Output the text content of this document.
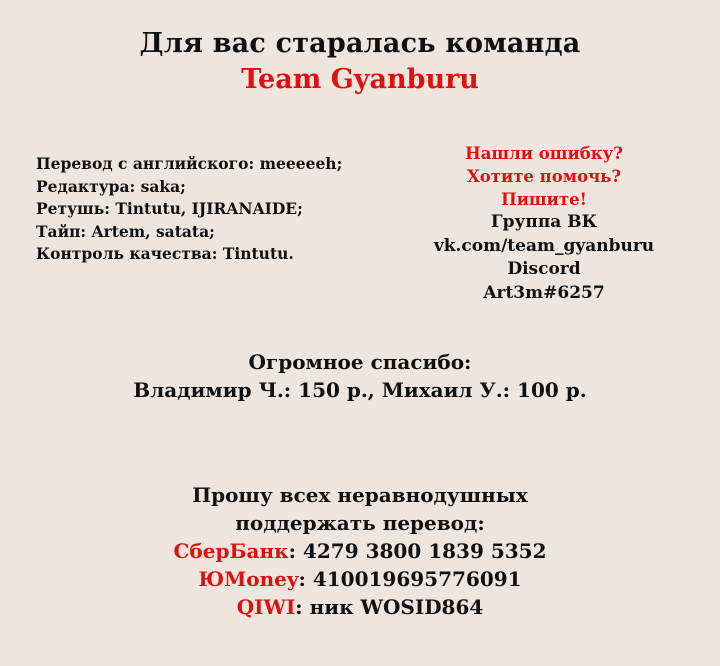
Для вас старалась команда
Team Gyanburu
Перевод с английского: meeeeeh;
Редактура: saka;
Ретушь: Tintutu, IJIRANAIDE;
Тайп: Artem, satata;
Контроль качества: Tintutu.
Нашли ошибку?
Хотите помочь?
Пишите!
Группа ВК
vk.com/team_gyanburu
Discord
Art3m#6257
Огромное спасибо:
Владимир Ч.: 150 р., Михаил У.: 100 р.
Прошу всех неравнодушных
поддержать перевод:
СберБанк: 4279 3800 1839 5352
ЮMoney: 410019695776091
QIWI: ник WOSID864
